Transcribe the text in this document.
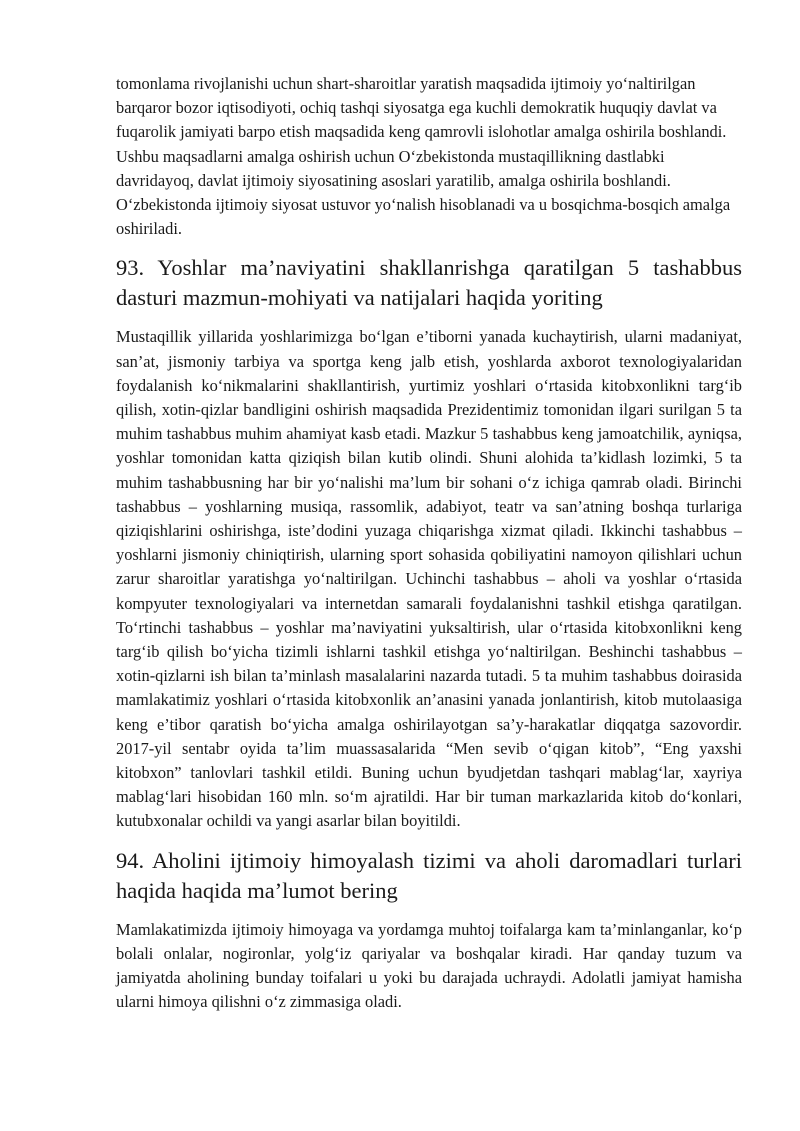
tomonlama rivojlanishi uchun shart-sharoitlar yaratish maqsadida ijtimoiy yo‘naltirilgan barqaror bozor iqtisodiyoti, ochiq tashqi siyosatga ega kuchli demokratik huquqiy davlat va fuqarolik jamiyati barpo etish maqsadida keng qamrovli islohotlar amalga oshirila boshlandi. Ushbu maqsadlarni amalga oshirish uchun O‘zbekistonda mustaqillikning dastlabki davridayoq, davlat ijtimoiy siyosatining asoslari yaratilib, amalga oshirila boshlandi. O‘zbekistonda ijtimoiy siyosat ustuvor yo‘nalish hisoblanadi va u bosqichma-bosqich amalga oshiriladi.

93. Yoshlar ma’naviyatini shakllanrishga qaratilgan 5 tashabbus dasturi mazmun-mohiyati va natijalari haqida yoriting

Mustaqillik yillarida yoshlarimizga bo‘lgan e’tiborni yanada kuchaytirish, ularni madaniyat, san’at, jismoniy tarbiya va sportga keng jalb etish, yoshlarda axborot texnologiyalaridan foydalanish ko‘nikmalarini shakllantirish, yurtimiz yoshlari o‘rtasida kitobxonlikni targ‘ib qilish, xotin-qizlar bandligini oshirish maqsadida Prezidentimiz tomonidan ilgari surilgan 5 ta muhim tashabbus muhim ahamiyat kasb etadi. Mazkur 5 tashabbus keng jamoatchilik, ayniqsa, yoshlar tomonidan katta qiziqish bilan kutib olindi. Shuni alohida ta’kidlash lozimki, 5 ta muhim tashabbusning har bir yo‘nalishi ma’lum bir sohani o‘z ichiga qamrab oladi. Birinchi tashabbus – yoshlarning musiqa, rassomlik, adabiyot, teatr va san’atning boshqa turlariga qiziqishlarini oshirishga, iste’dodini yuzaga chiqarishga xizmat qiladi. Ikkinchi tashabbus – yoshlarni jismoniy chiniqtirish, ularning sport sohasida qobiliyatini namoyon qilishlari uchun zarur sharoitlar yaratishga yo‘naltirilgan. Uchinchi tashabbus – aholi va yoshlar o‘rtasida kompyuter texnologiyalari va internetdan samarali foydalanishni tashkil etishga qaratilgan. To‘rtinchi tashabbus – yoshlar ma’naviyatini yuksaltirish, ular o‘rtasida kitobxonlikni keng targ‘ib qilish bo‘yicha tizimli ishlarni tashkil etishga yo‘naltirilgan. Beshinchi tashabbus – xotin-qizlarni ish bilan ta’minlash masalalarini nazarda tutadi. 5 ta muhim tashabbus doirasida mamlakatimiz yoshlari o‘rtasida kitobxonlik an’anasini yanada jonlantirish, kitob mutolaasiga keng e’tibor qaratish bo‘yicha amalga oshirilayotgan sa’y-harakatlar diqqatga sazovordir. 2017-yil sentabr oyida ta’lim muassasalarida “Men sevib o‘qigan kitob”, “Eng yaxshi kitobxon” tanlovlari tashkil etildi. Buning uchun byudjetdan tashqari mablag‘lar, xayriya mablag‘lari hisobidan 160 mln. so‘m ajratildi. Har bir tuman markazlarida kitob do‘konlari, kutubxonalar ochildi va yangi asarlar bilan boyitildi.

94. Aholini ijtimoiy himoyalash tizimi va aholi daromadlari turlari haqida haqida ma’lumot bering

Mamlakatimizda ijtimoiy himoyaga va yordamga muhtoj toifalarga kam ta’minlanganlar, ko‘p bolali onlalar, nogironlar, yolg‘iz qariyalar va boshqalar kiradi. Har qanday tuzum va jamiyatda aholining bunday toifalari u yoki bu darajada uchraydi. Adolatli jamiyat hamisha ularni himoya qilishni o‘z zimmasiga oladi.
